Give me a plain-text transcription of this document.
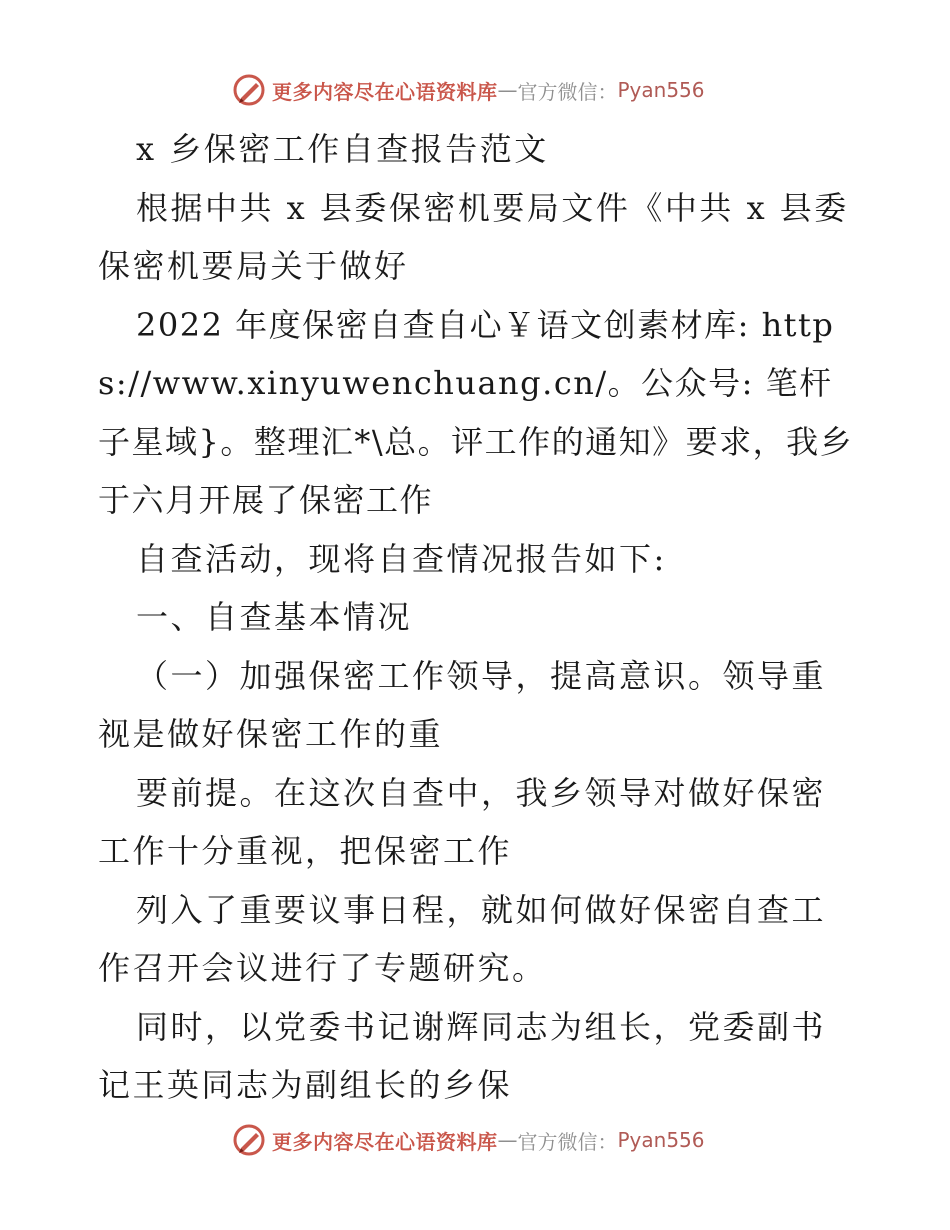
更多内容尽在心语资料库 — 官方微信： Pyan556

x 乡保密工作自查报告范文

根据中共 x 县委保密机要局文件《中共 x 县委保密机要局关于做好

2022 年度保密自查自心￥语文创素材库: https://www.xinyuwenchuang.cn/。公众号: 笔杆子星域}。整理汇*\总。评工作的通知》要求，我乡于六月开展了保密工作

自查活动，现将自查情况报告如下:

一、自查基本情况

（一）加强保密工作领导，提高意识。领导重视是做好保密工作的重

要前提。在这次自查中，我乡领导对做好保密工作十分重视，把保密工作

列入了重要议事日程，就如何做好保密自查工作召开会议进行了专题研究。

同时，以党委书记谢辉同志为组长，党委副书记王英同志为副组长的乡保

更多内容尽在心语资料库 — 官方微信： Pyan556
